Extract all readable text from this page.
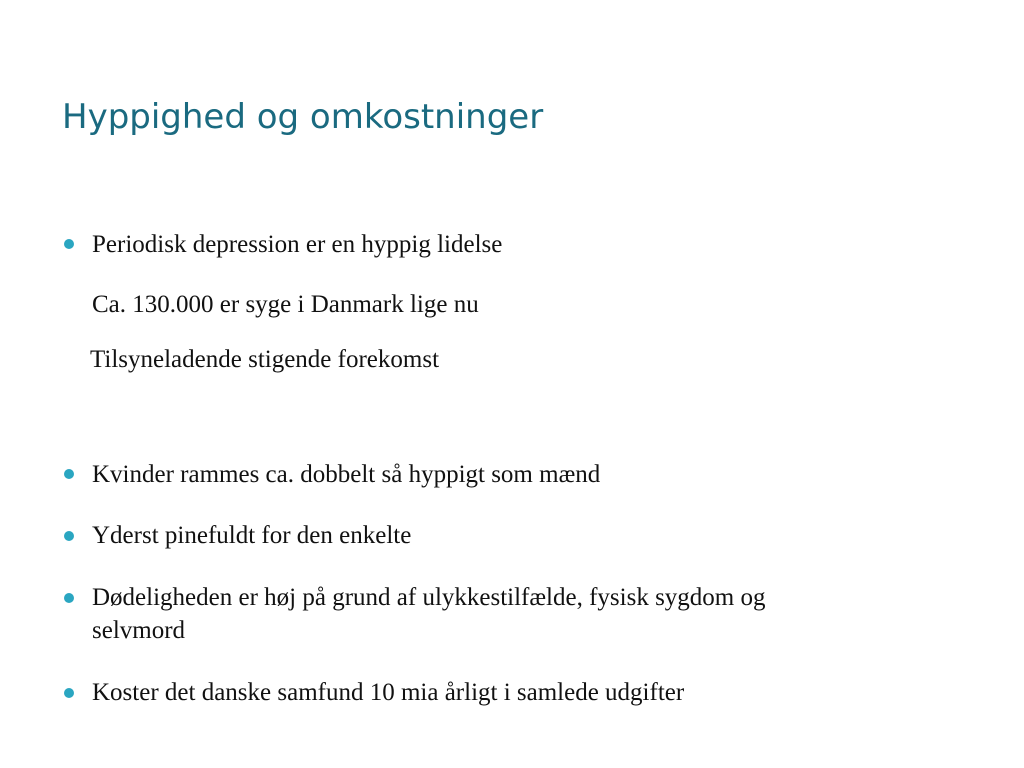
Hyppighed og omkostninger
Periodisk depression er en hyppig lidelse
Ca. 130.000 er syge i Danmark lige nu
Tilsyneladende stigende forekomst
Kvinder rammes ca. dobbelt så hyppigt som mænd
Yderst pinefuldt for den enkelte
Dødeligheden er høj på grund af ulykkestilfælde, fysisk sygdom og
selvmord
Koster det danske samfund 10 mia årligt i samlede udgifter
